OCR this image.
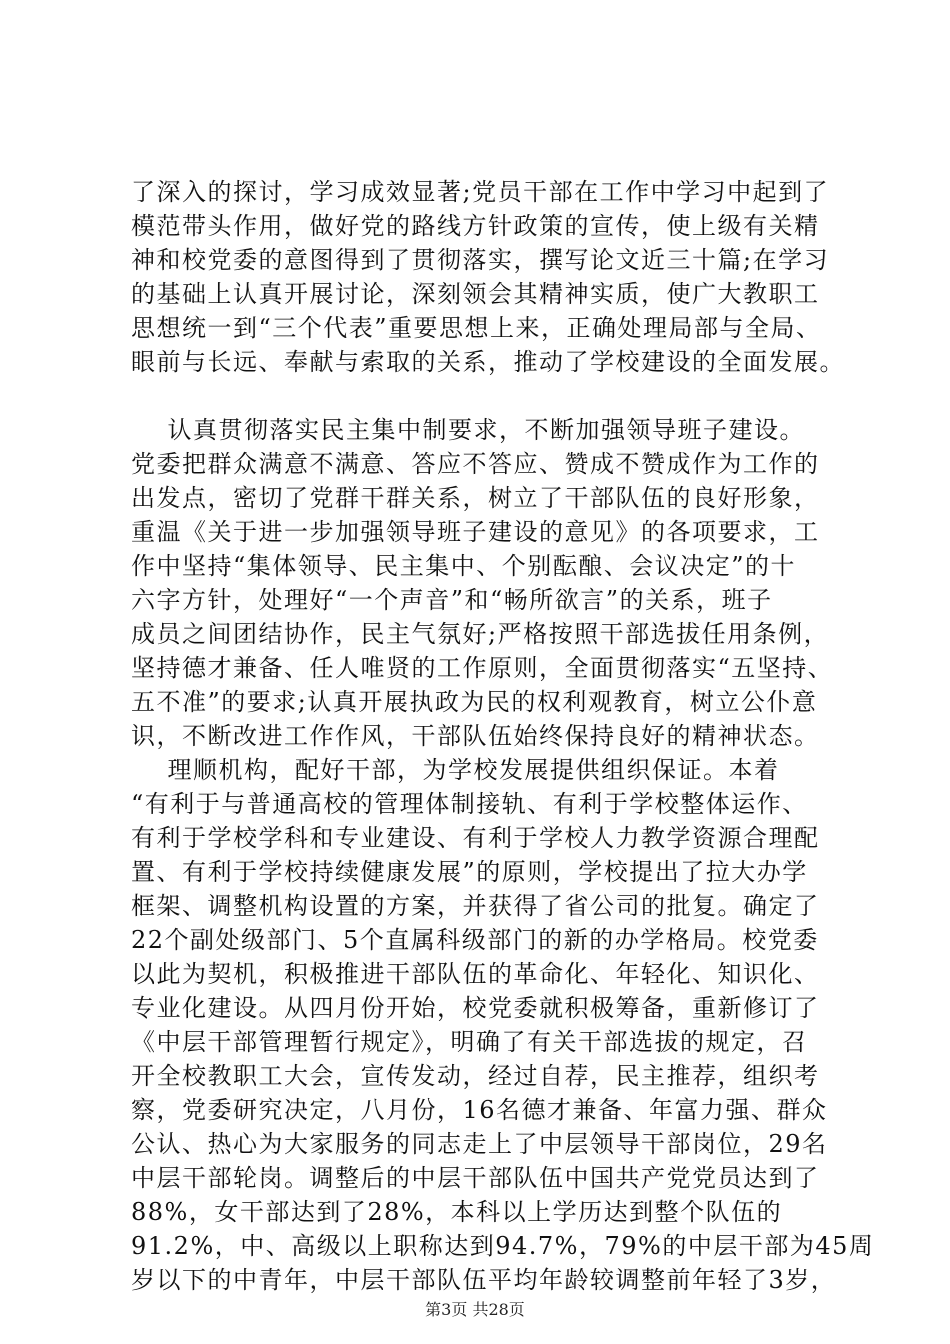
了深入的探讨，学习成效显著;党员干部在工作中学习中起到了
模范带头作用，做好党的路线方针政策的宣传，使上级有关精
神和校党委的意图得到了贯彻落实，撰写论文近三十篇;在学习
的基础上认真开展讨论，深刻领会其精神实质，使广大教职工
思想统一到“三个代表”重要思想上来，正确处理局部与全局、
眼前与长远、奉献与索取的关系，推动了学校建设的全面发展。
认真贯彻落实民主集中制要求，不断加强领导班子建设。
党委把群众满意不满意、答应不答应、赞成不赞成作为工作的
出发点，密切了党群干群关系，树立了干部队伍的良好形象，
重温《关于进一步加强领导班子建设的意见》的各项要求，工
作中坚持“集体领导、民主集中、个别酝酿、会议决定”的十
六字方针，处理好“一个声音”和“畅所欲言”的关系，班子
成员之间团结协作，民主气氛好;严格按照干部选拔任用条例，
坚持德才兼备、任人唯贤的工作原则，全面贯彻落实“五坚持、
五不准”的要求;认真开展执政为民的权利观教育，树立公仆意
识，不断改进工作作风，干部队伍始终保持良好的精神状态。
理顺机构，配好干部，为学校发展提供组织保证。本着
“有利于与普通高校的管理体制接轨、有利于学校整体运作、
有利于学校学科和专业建设、有利于学校人力教学资源合理配
置、有利于学校持续健康发展”的原则，学校提出了拉大办学
框架、调整机构设置的方案，并获得了省公司的批复。确定了
22个副处级部门、5个直属科级部门的新的办学格局。校党委
以此为契机，积极推进干部队伍的革命化、年轻化、知识化、
专业化建设。从四月份开始，校党委就积极筹备，重新修订了
《中层干部管理暂行规定》，明确了有关干部选拔的规定，召
开全校教职工大会，宣传发动，经过自荐，民主推荐，组织考
察，党委研究决定，八月份，16名德才兼备、年富力强、群众
公认、热心为大家服务的同志走上了中层领导干部岗位，29名
中层干部轮岗。调整后的中层干部队伍中国共产党党员达到了
88%，女干部达到了28%，本科以上学历达到整个队伍的
91.2%，中、高级以上职称达到94.7%，79%的中层干部为45周
岁以下的中青年，中层干部队伍平均年龄较调整前年轻了3岁，
第3页 共28页
